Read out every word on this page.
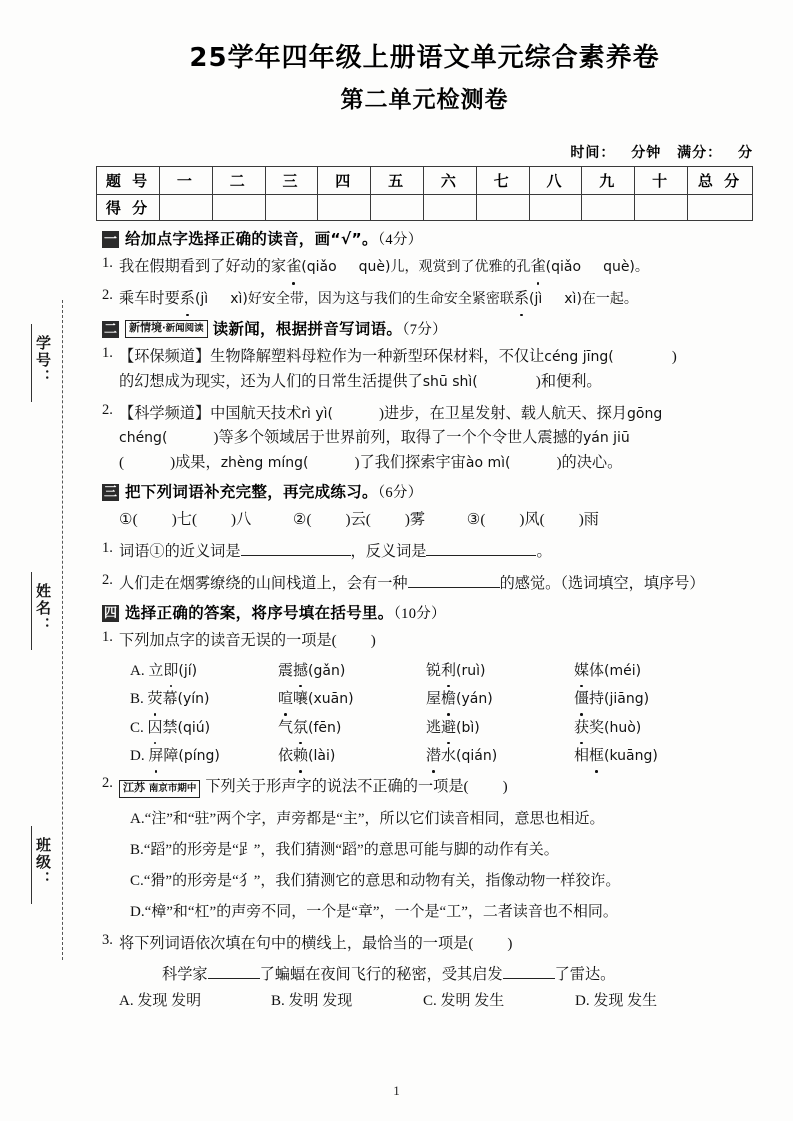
学号：
姓名：
班级：
25学年四年级上册语文单元综合素养卷
第二单元检测卷
时间： 分钟 满分： 分
题 号	一	二	三	四	五	六	七	八	九	十	总 分
得 分											
一 给加点字选择正确的读音，画“√”。（4分）
1. 我在假期看到了好动的家雀(qiǎo què)儿，观赏到了优雅的孔雀(qiǎo què)。
2. 乘车时要系(jì xì)好安全带，因为这与我们的生命安全紧密联系(jì xì)在一起。
二	新情境·新闻阅读 读新闻，根据拼音写词语。（7分）
1. 【环保频道】生物降解塑料母粒作为一种新型环保材料，不仅让céng jīng(	)
的幻想成为现实，还为人们的日常生活提供了shū shì(	)和便利。
2. 【科学频道】中国航天技术rì yì(	)进步，在卫星发射、载人航天、探月gōng
chéng(	)等多个领域居于世界前列，取得了一个个令世人震撼的yán jiū
(	)成果，zhèng míng(	)了我们探索宇宙ào mì(	)的决心。
三 把下列词语补充完整，再完成练习。（6分）
①( )七( )八	②( )云( )雾	③( )风( )雨
1. 词语①的近义词是	，反义词是	。
2. 人们走在烟雾缭绕的山间栈道上，会有一种	的感觉。（选词填空，填序号）
四 选择正确的答案，将序号填在括号里。（10分）
1. 下列加点字的读音无误的一项是( )
A. 立即(jí)	震撼(gǎn)	锐利(ruì)	媒体(méi)
B. 荧幕(yín)	喧嚷(xuān)	屋檐(yán)	僵持(jiāng)
C. 囚禁(qiú)	气氛(fēn)	逃避(bì)	获奖(huò)
D. 屏障(píng)	依赖(lài)	潜水(qián)	相框(kuāng)
2. 江苏 南京市期中 下列关于形声字的说法不正确的一项是( )
A.“注”和“驻”两个字，声旁都是“主”，所以它们读音相同，意思也相近。
B.“蹈”的形旁是“𧾷”，我们猜测“蹈”的意思可能与脚的动作有关。
C.“猾”的形旁是“犭”，我们猜测它的意思和动物有关，指像动物一样狡诈。
D.“樟”和“杠”的声旁不同，一个是“章”，一个是“工”，二者读音也不相同。
3. 将下列词语依次填在句中的横线上，最恰当的一项是( )
科学家	了蝙蝠在夜间飞行的秘密，受其启发	了雷达。
A. 发现 发明	B. 发明 发现	C. 发明 发生	D. 发现 发生
1
